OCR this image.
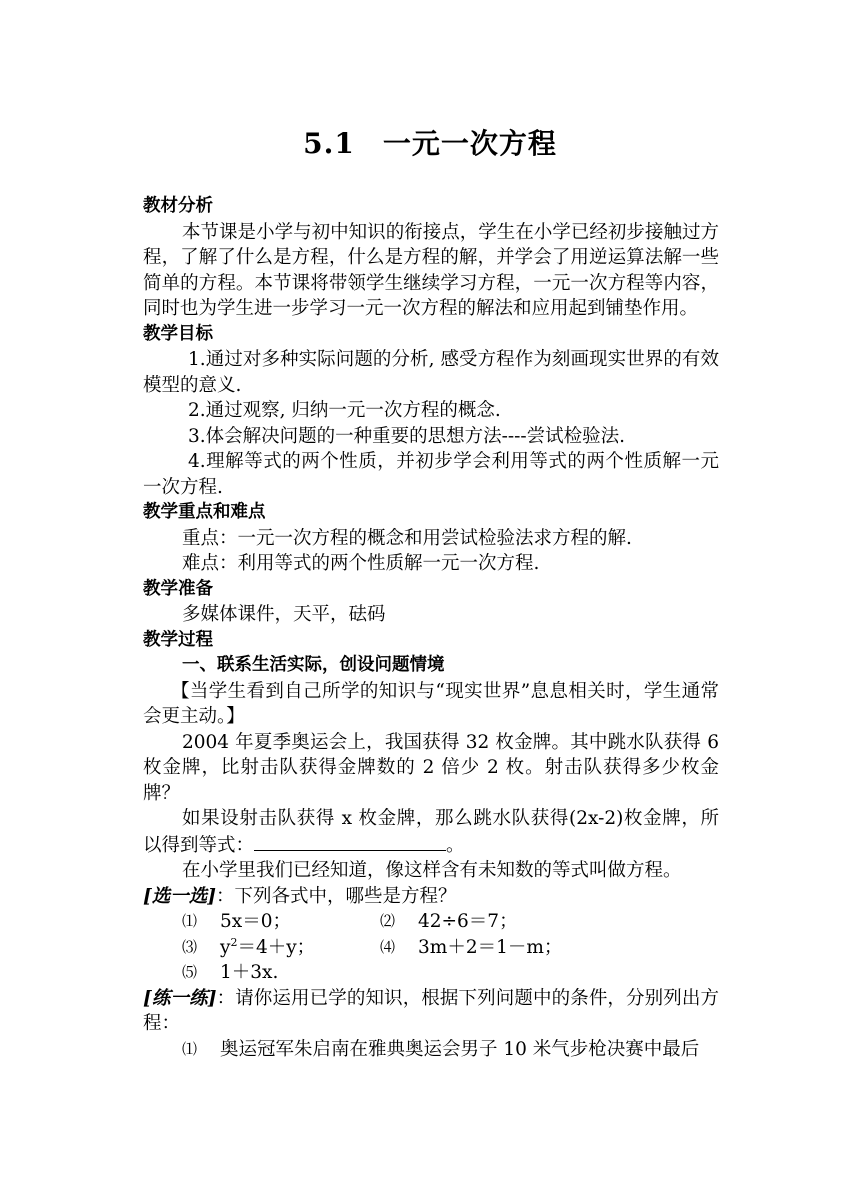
5.1 一元一次方程
教材分析
本节课是小学与初中知识的衔接点，学生在小学已经初步接触过方程，了解了什么是方程，什么是方程的解，并学会了用逆运算法解一些简单的方程。本节课将带领学生继续学习方程，一元一次方程等内容，同时也为学生进一步学习一元一次方程的解法和应用起到铺垫作用。
教学目标
1.通过对多种实际问题的分析, 感受方程作为刻画现实世界的有效模型的意义.
2.通过观察, 归纳一元一次方程的概念.
3.体会解决问题的一种重要的思想方法----尝试检验法.
4.理解等式的两个性质，并初步学会利用等式的两个性质解一元一次方程.
教学重点和难点
重点：一元一次方程的概念和用尝试检验法求方程的解.
难点：利用等式的两个性质解一元一次方程.
教学准备
多媒体课件，天平，砝码
教学过程
一、联系生活实际，创设问题情境
【当学生看到自己所学的知识与“现实世界”息息相关时，学生通常会更主动。】
2004 年夏季奥运会上，我国获得 32 枚金牌。其中跳水队获得 6 枚金牌，比射击队获得金牌数的 2 倍少 2 枚。射击队获得多少枚金牌？
如果设射击队获得 x 枚金牌，那么跳水队获得(2x-2)枚金牌，所以得到等式：	。
在小学里我们已经知道，像这样含有未知数的等式叫做方程。
[选一选]：下列各式中，哪些是方程？
⑴	5x＝0；	⑵	42÷6＝7；
⑶	$y^2=4+y$；	⑷	3m＋2＝1－m；
⑸	1＋3x.
[练一练]：请你运用已学的知识，根据下列问题中的条件，分别列出方程：
⑴	奥运冠军朱启南在雅典奥运会男子 10 米气步枪决赛中最后
